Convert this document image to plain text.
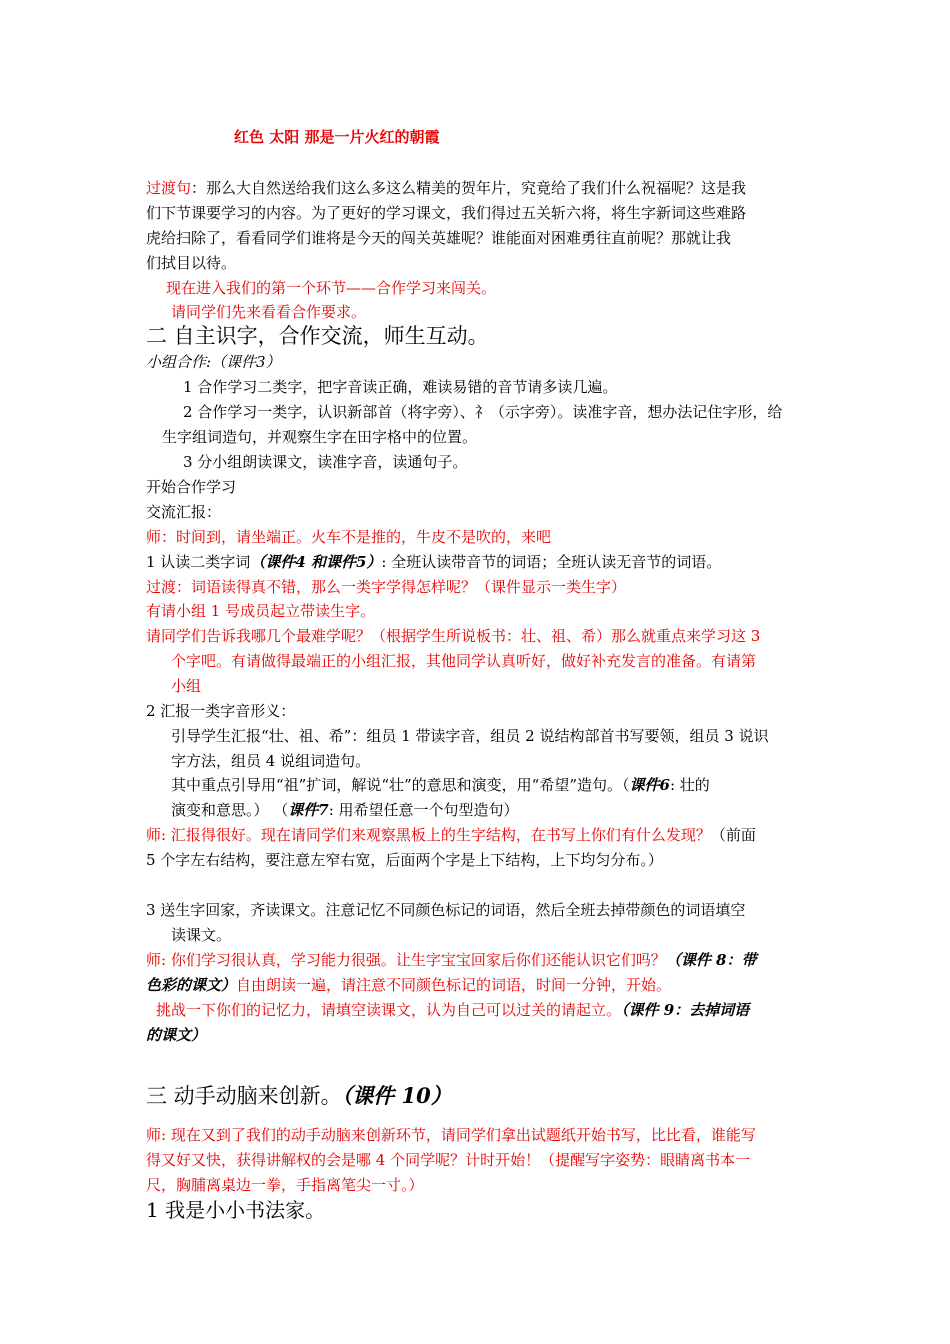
红色 太阳 那是一片火红的朝霞
过渡句：那么大自然送给我们这么多这么精美的贺年片，究竟给了我们什么祝福呢？这是我
们下节课要学习的内容。为了更好的学习课文，我们得过五关斩六将，将生字新词这些难路
虎给扫除了，看看同学们谁将是今天的闯关英雄呢？谁能面对困难勇往直前呢？那就让我
们拭目以待。
现在进入我们的第一个环节——合作学习来闯关。
请同学们先来看看合作要求。
二 自主识字，合作交流，师生互动。
小组合作:（课件3）
1 合作学习二类字，把字音读正确，难读易错的音节请多读几遍。
2 合作学习一类字，认识新部首（将字旁）、礻（示字旁）。读准字音，想办法记住字形，给
生字组词造句，并观察生字在田字格中的位置。
3 分小组朗读课文，读准字音，读通句子。
开始合作学习
交流汇报：
师：时间到，请坐端正。火车不是推的，牛皮不是吹的，来吧
1 认读二类字词（课件4 和课件5）: 全班认读带音节的词语；全班认读无音节的词语。
过渡：词语读得真不错，那么一类字学得怎样呢？（课件显示一类生字）
有请小组 1 号成员起立带读生字。
请同学们告诉我哪几个最难学呢？（根据学生所说板书：壮、祖、希）那么就重点来学习这 3
个字吧。有请做得最端正的小组汇报，其他同学认真听好，做好补充发言的准备。有请第
小组
2 汇报一类字音形义：
引导学生汇报“壮、祖、希”：组员 1 带读字音，组员 2 说结构部首书写要领，组员 3 说识
字方法，组员 4 说组词造句。
其中重点引导用“祖”扩词，解说“壮”的意思和演变，用“希望”造句。（课件6: 壮的
演变和意思。） （课件7: 用希望任意一个句型造句）
师: 汇报得很好。现在请同学们来观察黑板上的生字结构，在书写上你们有什么发现？（前面
5 个字左右结构，要注意左窄右宽，后面两个字是上下结构，上下均匀分布。）
3 送生字回家，齐读课文。注意记忆不同颜色标记的词语，然后全班去掉带颜色的词语填空
读课文。
师: 你们学习很认真，学习能力很强。让生字宝宝回家后你们还能认识它们吗？（课件 8：带
色彩的课文）自由朗读一遍，请注意不同颜色标记的词语，时间一分钟，开始。
挑战一下你们的记忆力，请填空读课文，认为自己可以过关的请起立。（课件 9：去掉词语
的课文）
三 动手动脑来创新。（课件 10）
师: 现在又到了我们的动手动脑来创新环节，请同学们拿出试题纸开始书写，比比看，谁能写
得又好又快，获得讲解权的会是哪 4 个同学呢？计时开始！（提醒写字姿势：眼睛离书本一
尺，胸脯离桌边一拳，手指离笔尖一寸。）
1 我是小小书法家。
